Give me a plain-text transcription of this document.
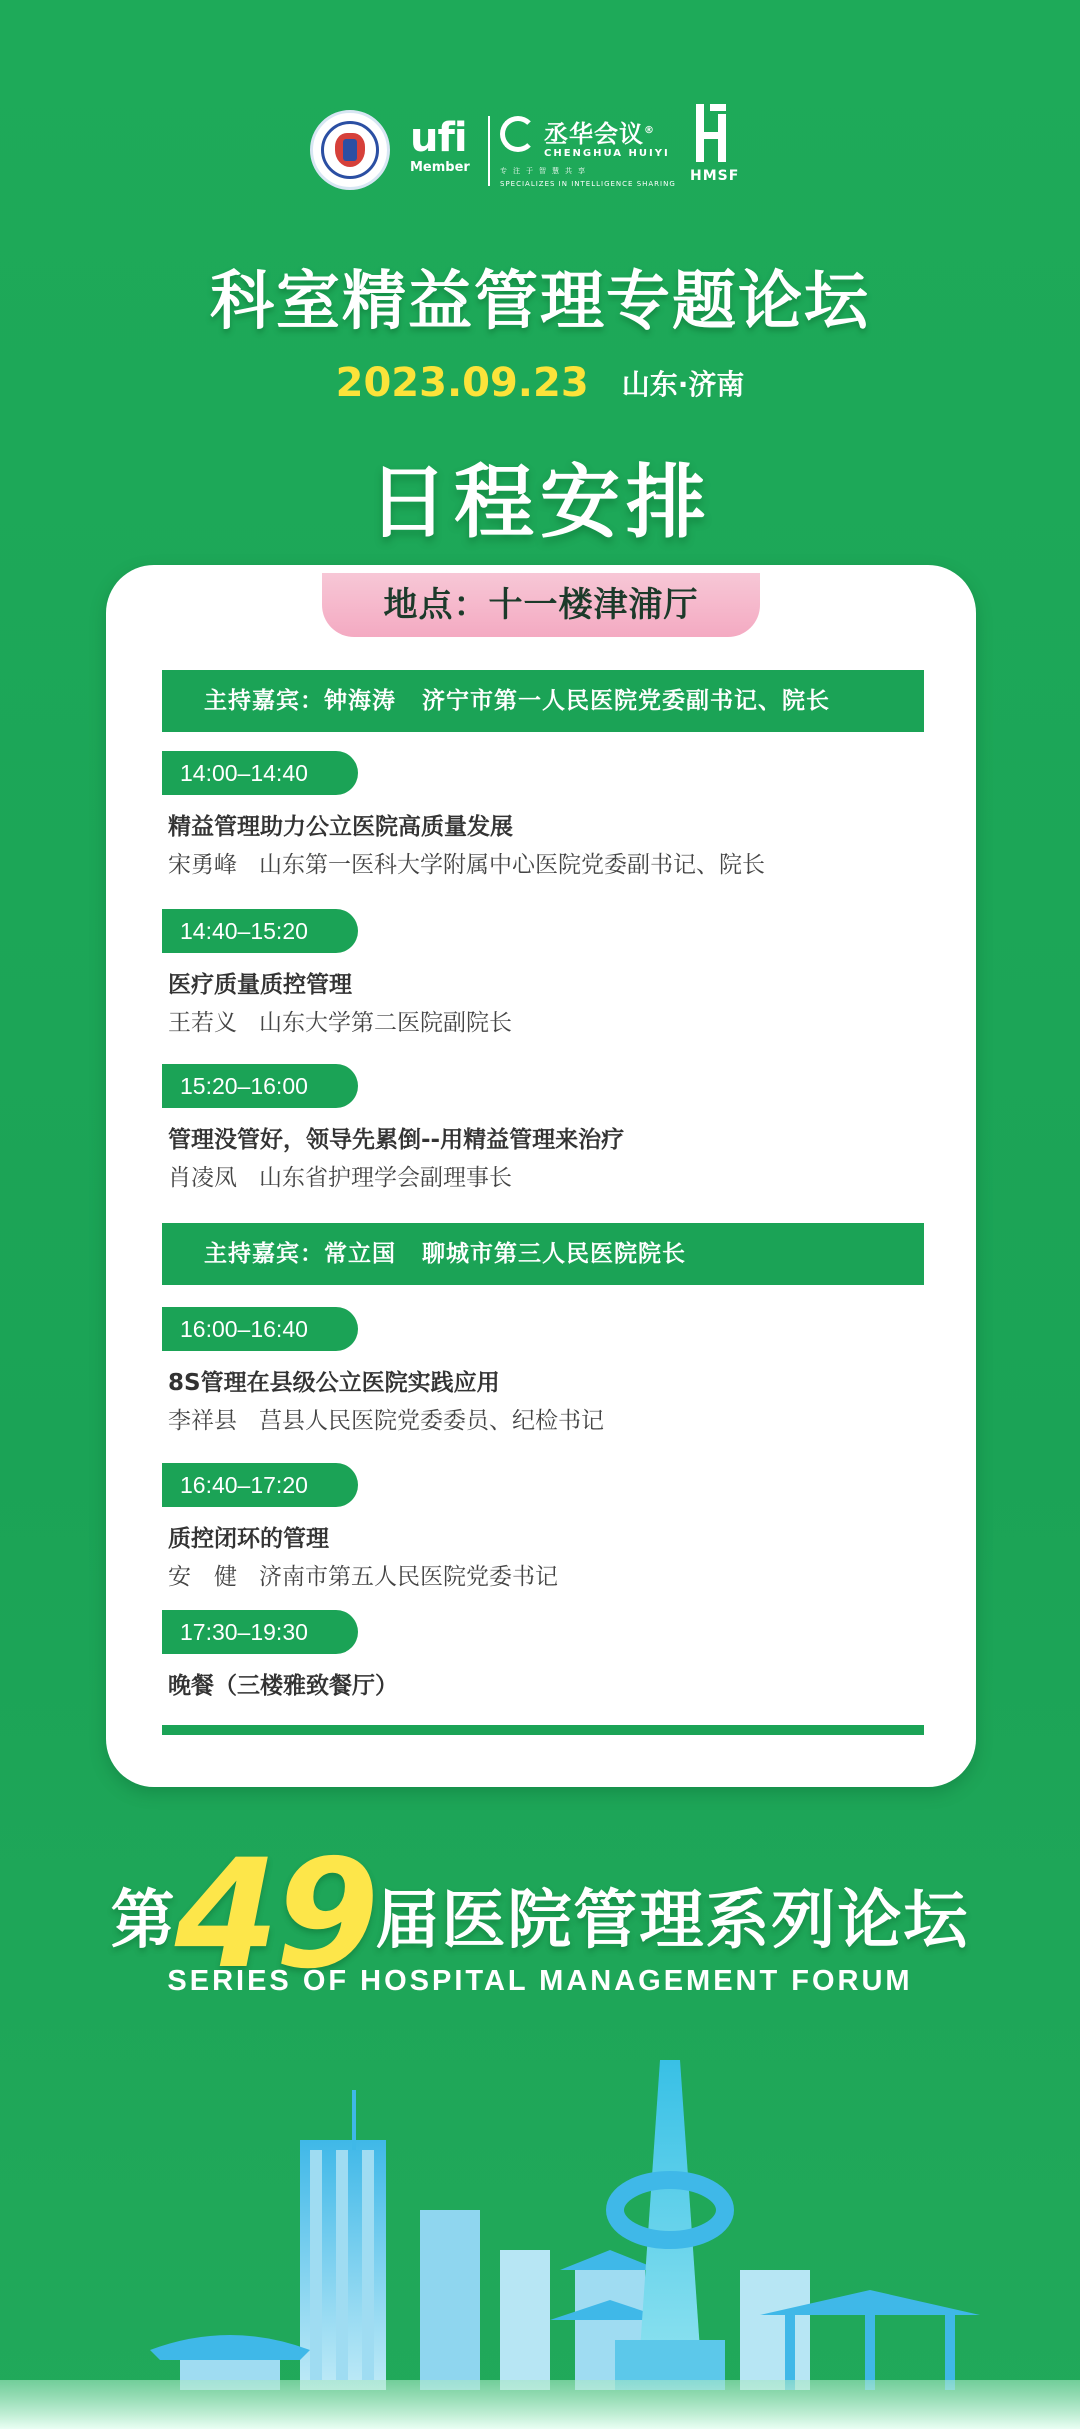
ufi
Member
丞华会议®
CHENGHUA HUIYI
专注于智慧共享
SPECIALIZES IN INTELLIGENCE SHARING HMSF
科室精益管理专题论坛
2023.09.23 山东·济南
日程安排
地点：十一楼津浦厅
主持嘉宾：钟海涛 济宁市第一人民医院党委副书记、院长
14:00–14:40
精益管理助力公立医院高质量发展
宋勇峰 山东第一医科大学附属中心医院党委副书记、院长
14:40–15:20
医疗质量质控管理
王若义 山东大学第二医院副院长
15:20–16:00
管理没管好，领导先累倒--用精益管理来治疗
肖凌凤 山东省护理学会副理事长
主持嘉宾：常立国 聊城市第三人民医院院长
16:00–16:40
8S管理在县级公立医院实践应用
李祥县 莒县人民医院党委委员、纪检书记
16:40–17:20
质控闭环的管理
安　健 济南市第五人民医院党委书记
17:30–19:30
晚餐（三楼雅致餐厅）
第49届医院管理系列论坛
SERIES OF HOSPITAL MANAGEMENT FORUM
